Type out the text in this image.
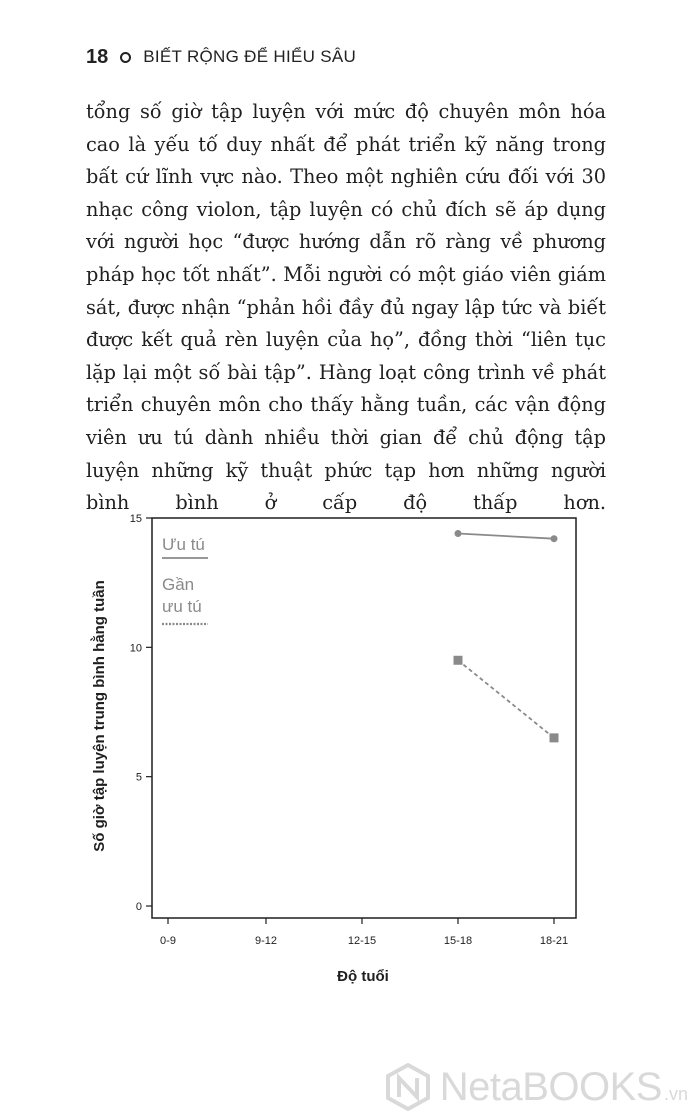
18 BIẾT RỘNG ĐỂ HIỂU SÂU

tổng số giờ tập luyện với mức độ chuyên môn hóa cao là yếu tố duy nhất để phát triển kỹ năng trong bất cứ lĩnh vực nào. Theo một nghiên cứu đối với 30 nhạc công violon, tập luyện có chủ đích sẽ áp dụng với người học “được hướng dẫn rõ ràng về phương pháp học tốt nhất”. Mỗi người có một giáo viên giám sát, được nhận “phản hồi đầy đủ ngay lập tức và biết được kết quả rèn luyện của họ”, đồng thời “liên tục lặp lại một số bài tập”. Hàng loạt công trình về phát triển chuyên môn cho thấy hằng tuần, các vận động viên ưu tú dành nhiều thời gian để chủ động tập luyện những kỹ thuật phức tạp hơn những người bình bình ở cấp độ thấp hơn.

0
5
10
15
0-9	9-12	12-15	15-18	18-21
Ưu tú
Gần
ưu tú
Độ tuổi
Số giờ tập luyện trung bình hằng tuần
NetaBOOKS .vn
